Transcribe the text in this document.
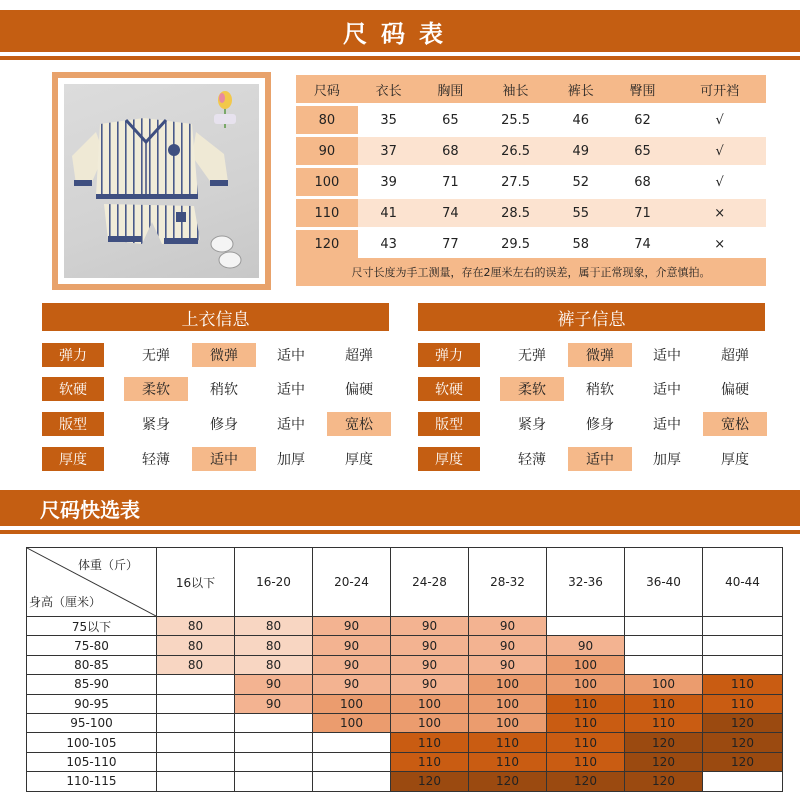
尺码表
尺码	衣长	胸围	袖长	裤长	臀围	可开裆
80	35	65	25.5	46	62	√
90	37	68	26.5	49	65	√
100	39	71	27.5	52	68	√
110	41	74	28.5	55	71	×
120	43	77	29.5	58	74	×
尺寸长度为手工测量，存在2厘米左右的误差，属于正常现象，介意慎拍。
上衣信息
弹力	无弹	微弹	适中	超弹
软硬	柔软	稍软	适中	偏硬
版型	紧身	修身	适中	宽松
厚度	轻薄	适中	加厚	厚度
裤子信息
弹力	无弹	微弹	适中	超弹
软硬	柔软	稍软	适中	偏硬
版型	紧身	修身	适中	宽松
厚度	轻薄	适中	加厚	厚度
尺码快选表
体重（斤）
身高（厘米）	16以下	16-20	20-24	24-28	28-32	32-36	36-40	40-44
75以下	80	80	90	90	90			
75-80	80	80	90	90	90	90		
80-85	80	80	90	90	90	100		
85-90		90	90	90	100	100	100	110
90-95		90	100	100	100	110	110	110
95-100			100	100	100	110	110	120
100-105				110	110	110	120	120
105-110				110	110	110	120	120
110-115				120	120	120	120	
